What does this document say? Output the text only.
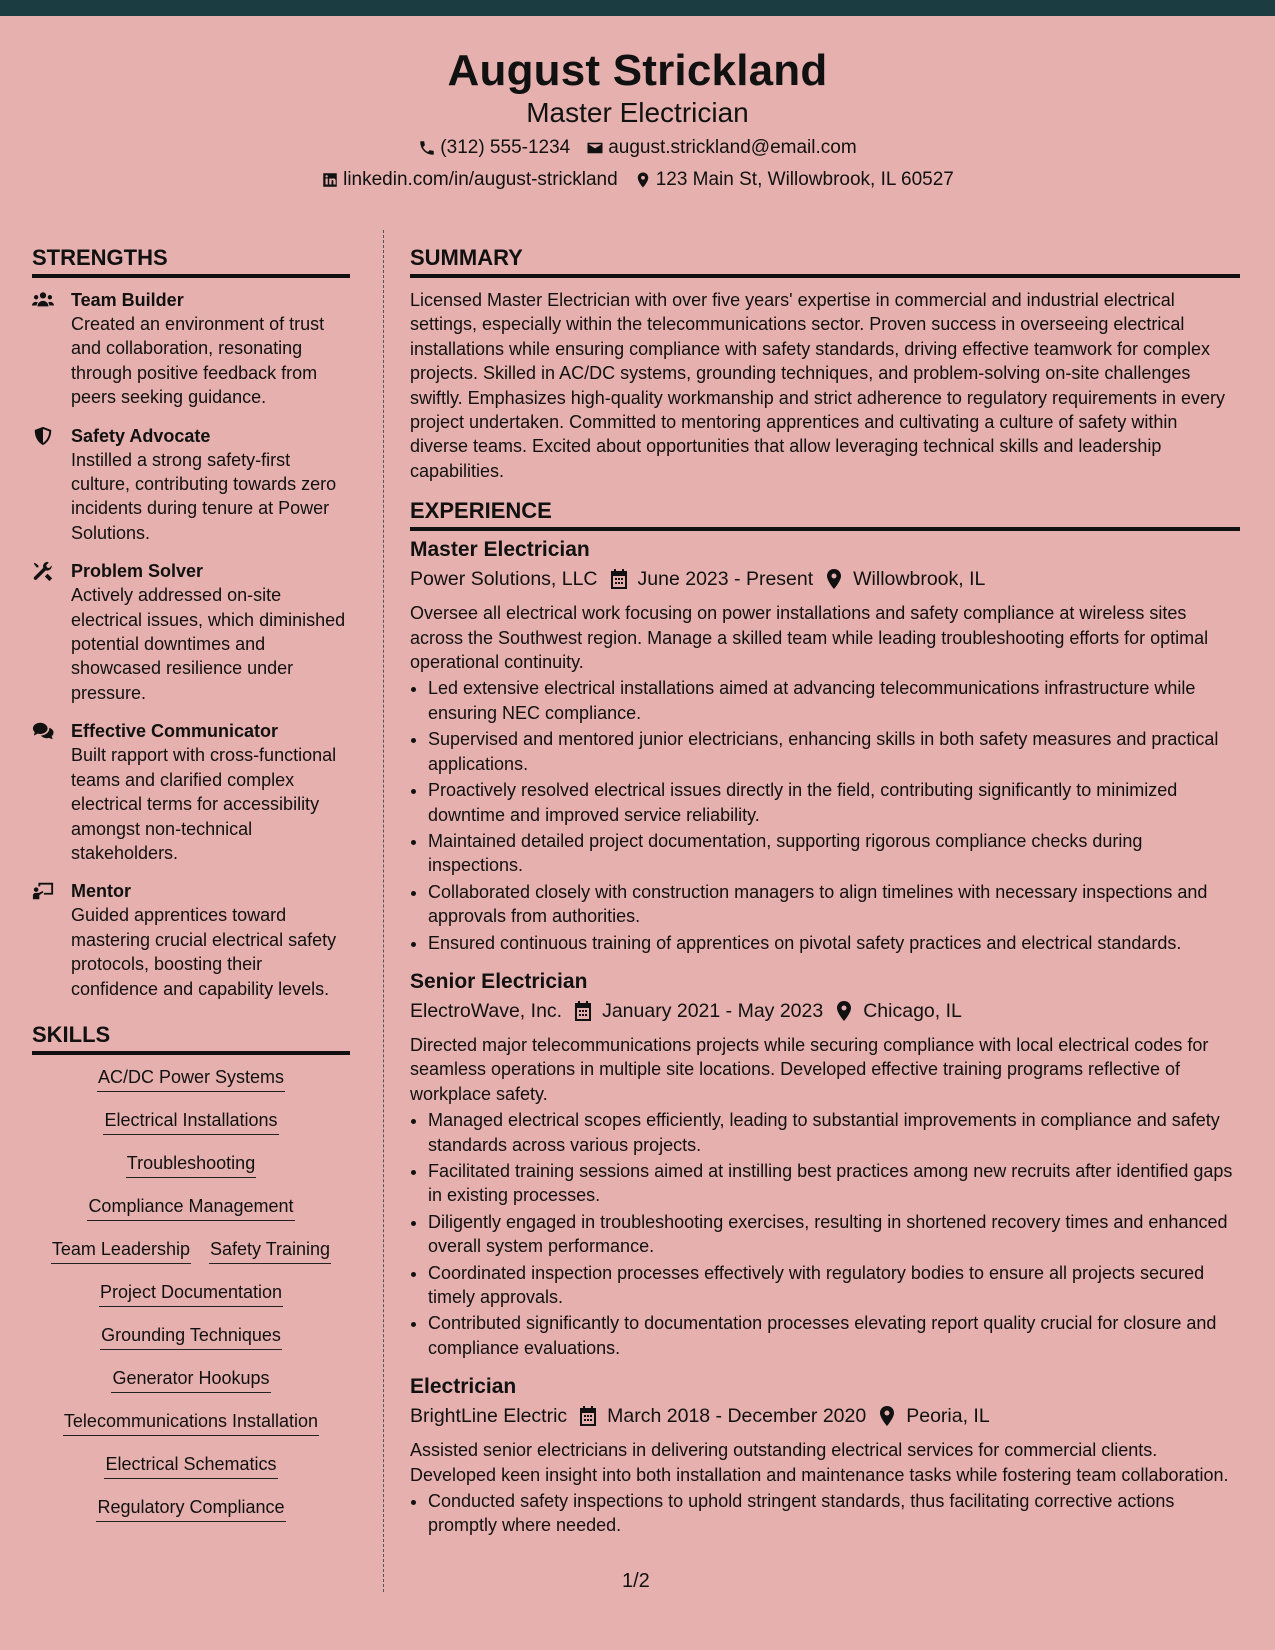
August Strickland
Master Electrician
(312) 555-1234 august.strickland@email.com
linkedin.com/in/august-strickland 123 Main St, Willowbrook, IL 60527
STRENGTHS
Team Builder
Created an environment of trust and collaboration, resonating through positive feedback from peers seeking guidance.
Safety Advocate
Instilled a strong safety-first culture, contributing towards zero incidents during tenure at Power Solutions.
Problem Solver
Actively addressed on-site electrical issues, which diminished potential downtimes and showcased resilience under pressure.
Effective Communicator
Built rapport with cross-functional teams and clarified complex electrical terms for accessibility amongst non-technical stakeholders.
Mentor
Guided apprentices toward mastering crucial electrical safety protocols, boosting their confidence and capability levels.
SKILLS
AC/DC Power Systems
Electrical Installations
Troubleshooting
Compliance Management
Team Leadership Safety Training
Project Documentation
Grounding Techniques
Generator Hookups
Telecommunications Installation
Electrical Schematics
Regulatory Compliance
SUMMARY

Licensed Master Electrician with over five years' expertise in commercial and industrial electrical settings, especially within the telecommunications sector. Proven success in overseeing electrical installations while ensuring compliance with safety standards, driving effective teamwork for complex projects. Skilled in AC/DC systems, grounding techniques, and problem-solving on-site challenges swiftly. Emphasizes high-quality workmanship and strict adherence to regulatory requirements in every project undertaken. Committed to mentoring apprentices and cultivating a culture of safety within diverse teams. Excited about opportunities that allow leveraging technical skills and leadership capabilities.

EXPERIENCE
Master Electrician
Power Solutions, LLC June 2023 - Present Willowbrook, IL
Oversee all electrical work focusing on power installations and safety compliance at wireless sites across the Southwest region. Manage a skilled team while leading troubleshooting efforts for optimal operational continuity.
• Led extensive electrical installations aimed at advancing telecommunications infrastructure while ensuring NEC compliance.
• Supervised and mentored junior electricians, enhancing skills in both safety measures and practical applications.
• Proactively resolved electrical issues directly in the field, contributing significantly to minimized downtime and improved service reliability.
• Maintained detailed project documentation, supporting rigorous compliance checks during inspections.
• Collaborated closely with construction managers to align timelines with necessary inspections and approvals from authorities.
• Ensured continuous training of apprentices on pivotal safety practices and electrical standards.
Senior Electrician
ElectroWave, Inc. January 2021 - May 2023 Chicago, IL
Directed major telecommunications projects while securing compliance with local electrical codes for seamless operations in multiple site locations. Developed effective training programs reflective of workplace safety.
• Managed electrical scopes efficiently, leading to substantial improvements in compliance and safety standards across various projects.
• Facilitated training sessions aimed at instilling best practices among new recruits after identified gaps in existing processes.
• Diligently engaged in troubleshooting exercises, resulting in shortened recovery times and enhanced overall system performance.
• Coordinated inspection processes effectively with regulatory bodies to ensure all projects secured timely approvals.
• Contributed significantly to documentation processes elevating report quality crucial for closure and compliance evaluations.
Electrician
BrightLine Electric March 2018 - December 2020 Peoria, IL
Assisted senior electricians in delivering outstanding electrical services for commercial clients. Developed keen insight into both installation and maintenance tasks while fostering team collaboration.
• Conducted safety inspections to uphold stringent standards, thus facilitating corrective actions promptly where needed.
1/2
